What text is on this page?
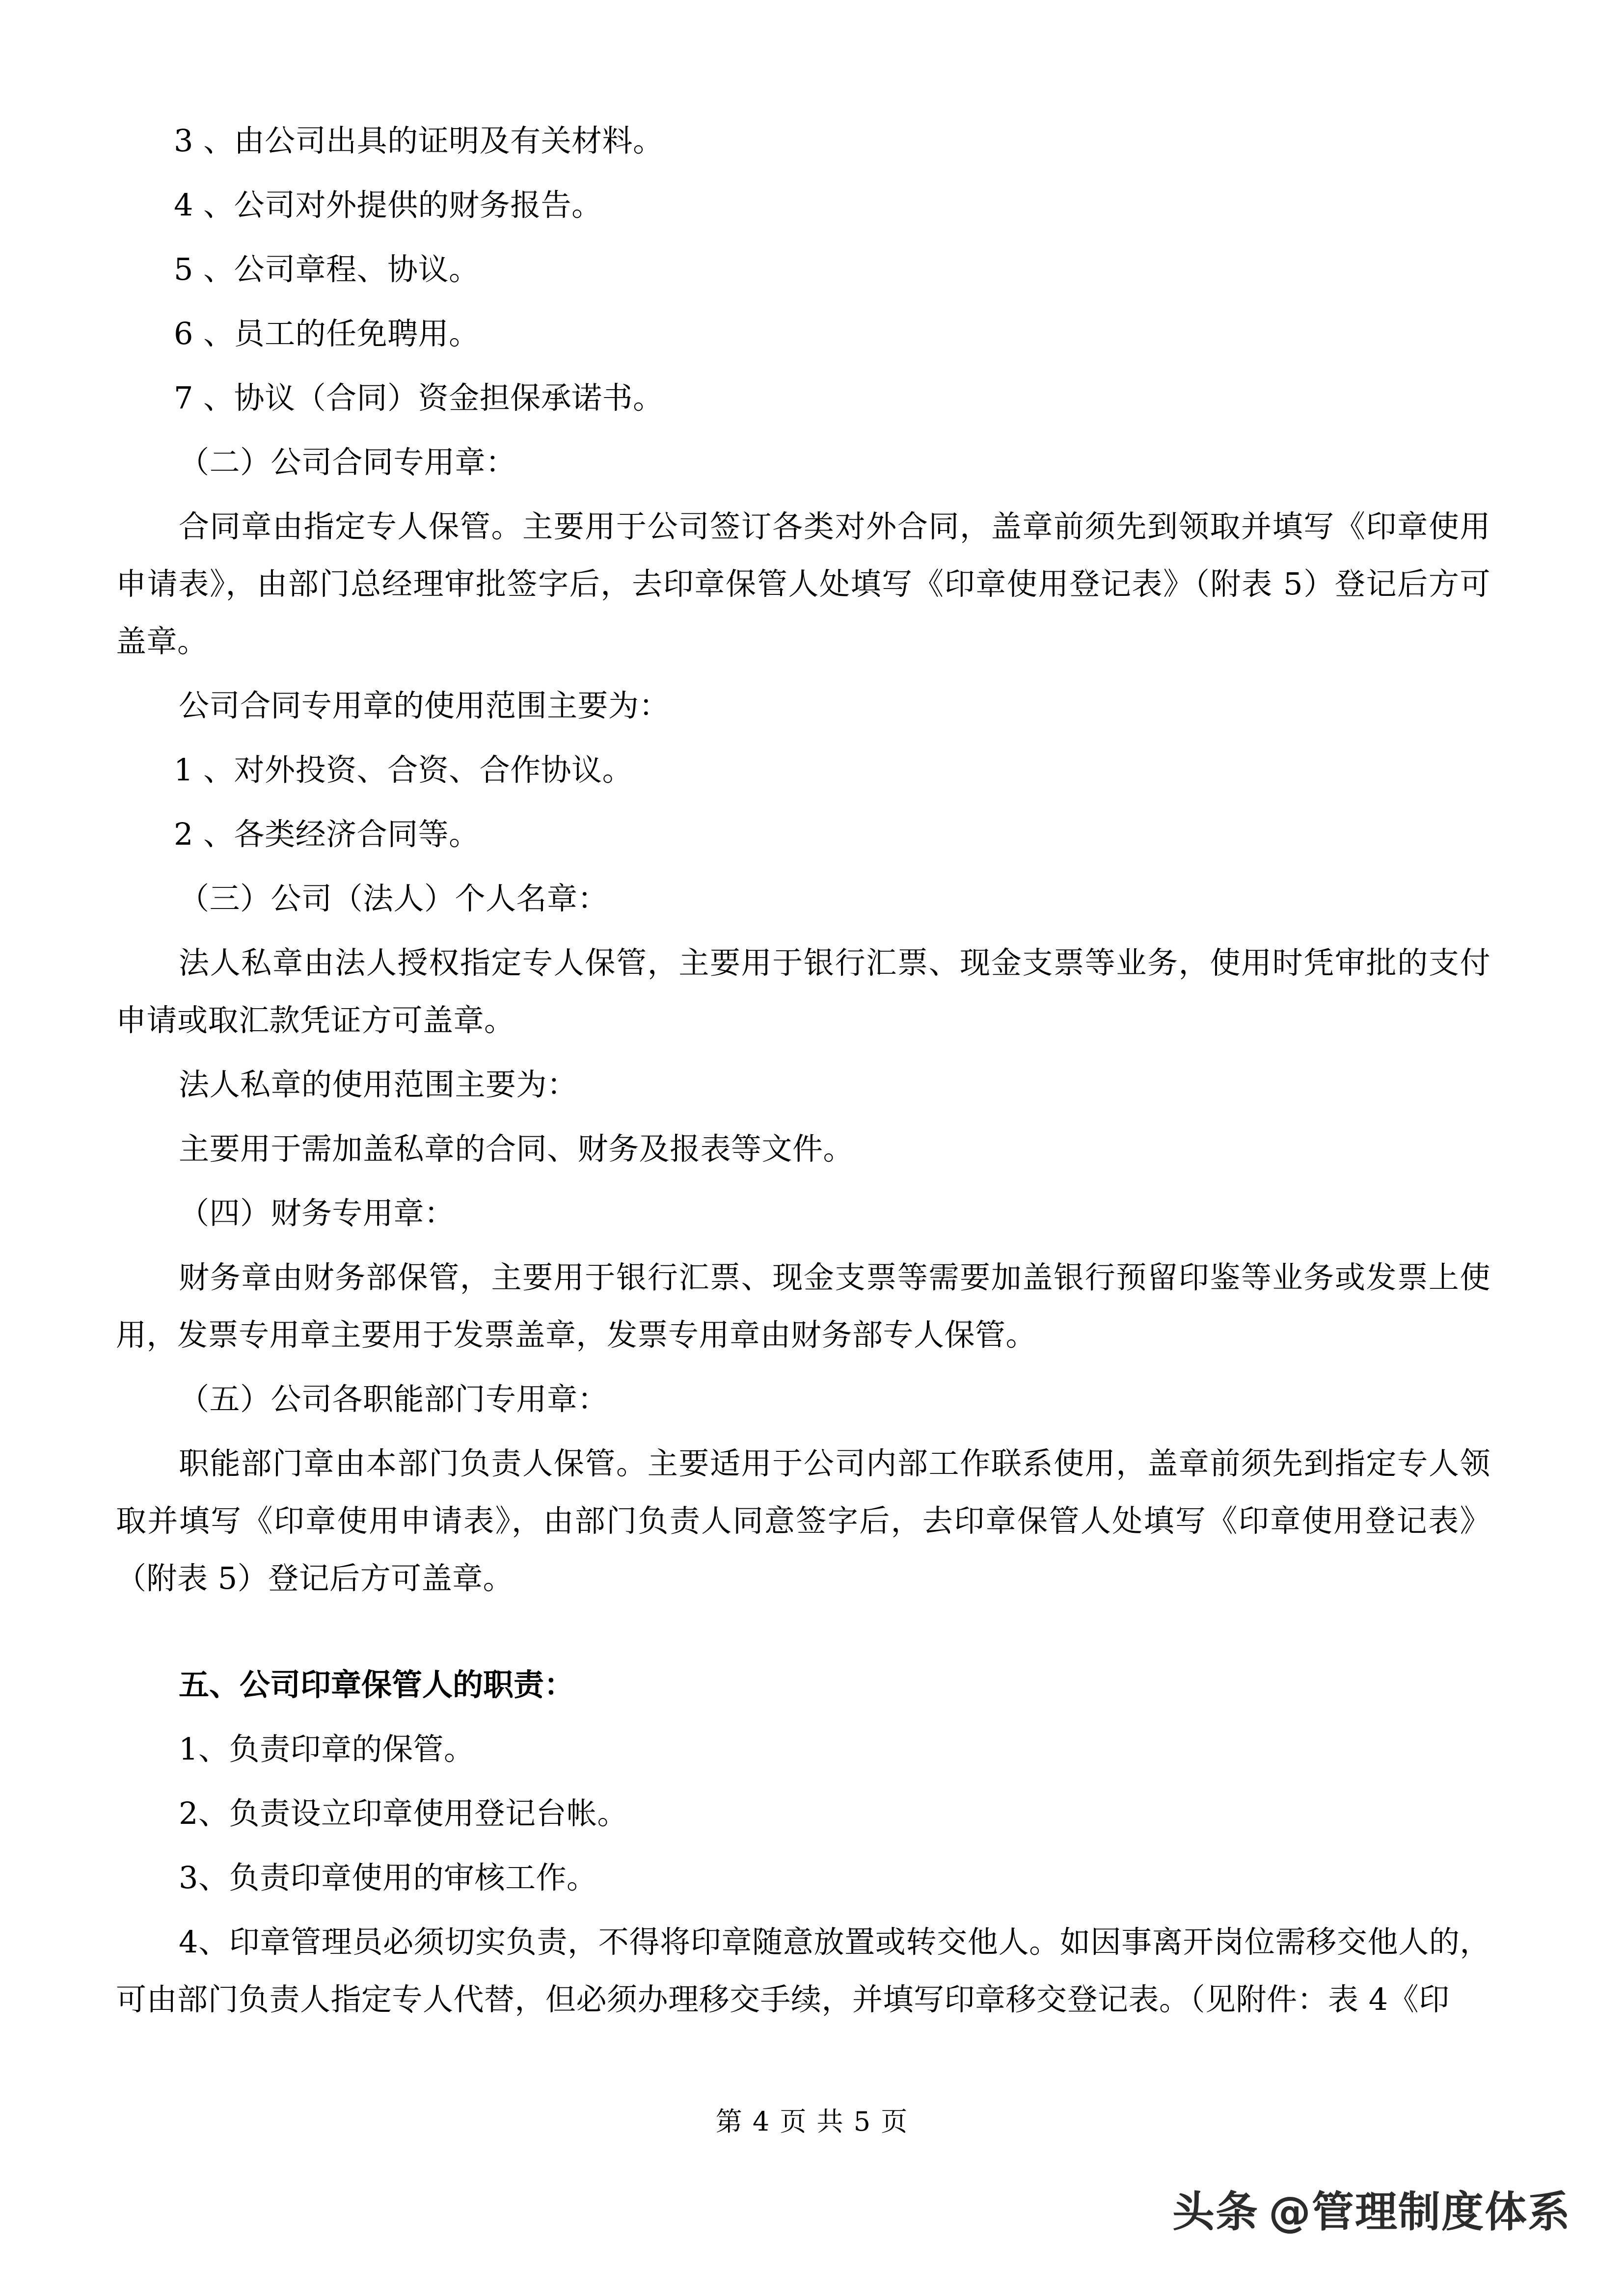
3 、由公司出具的证明及有关材料。

4 、公司对外提供的财务报告。

5 、公司章程、协议。

6 、员工的任免聘用。

7 、协议（合同）资金担保承诺书。

（二）公司合同专用章：

合同章由指定专人保管。主要用于公司签订各类对外合同，盖章前须先到领取并填写《印章使用申请表》，由部门总经理审批签字后，去印章保管人处填写《印章使用登记表》（附表 5）登记后方可盖章。

公司合同专用章的使用范围主要为：

1 、对外投资、合资、合作协议。

2 、各类经济合同等。

（三）公司（法人）个人名章：

法人私章由法人授权指定专人保管，主要用于银行汇票、现金支票等业务，使用时凭审批的支付申请或取汇款凭证方可盖章。

法人私章的使用范围主要为：

主要用于需加盖私章的合同、财务及报表等文件。

（四）财务专用章：

财务章由财务部保管，主要用于银行汇票、现金支票等需要加盖银行预留印鉴等业务或发票上使用，发票专用章主要用于发票盖章，发票专用章由财务部专人保管。

（五）公司各职能部门专用章：

职能部门章由本部门负责人保管。主要适用于公司内部工作联系使用，盖章前须先到指定专人领取并填写《印章使用申请表》，由部门负责人同意签字后，去印章保管人处填写《印章使用登记表》（附表 5）登记后方可盖章。

五、公司印章保管人的职责：

1、负责印章的保管。

2、负责设立印章使用登记台帐。

3、负责印章使用的审核工作。

4、印章管理员必须切实负责，不得将印章随意放置或转交他人。如因事离开岗位需移交他人的，可由部门负责人指定专人代替，但必须办理移交手续，并填写印章移交登记表。（见附件：表 4《印

第 4 页 共 5 页
头条 @管理制度体系
